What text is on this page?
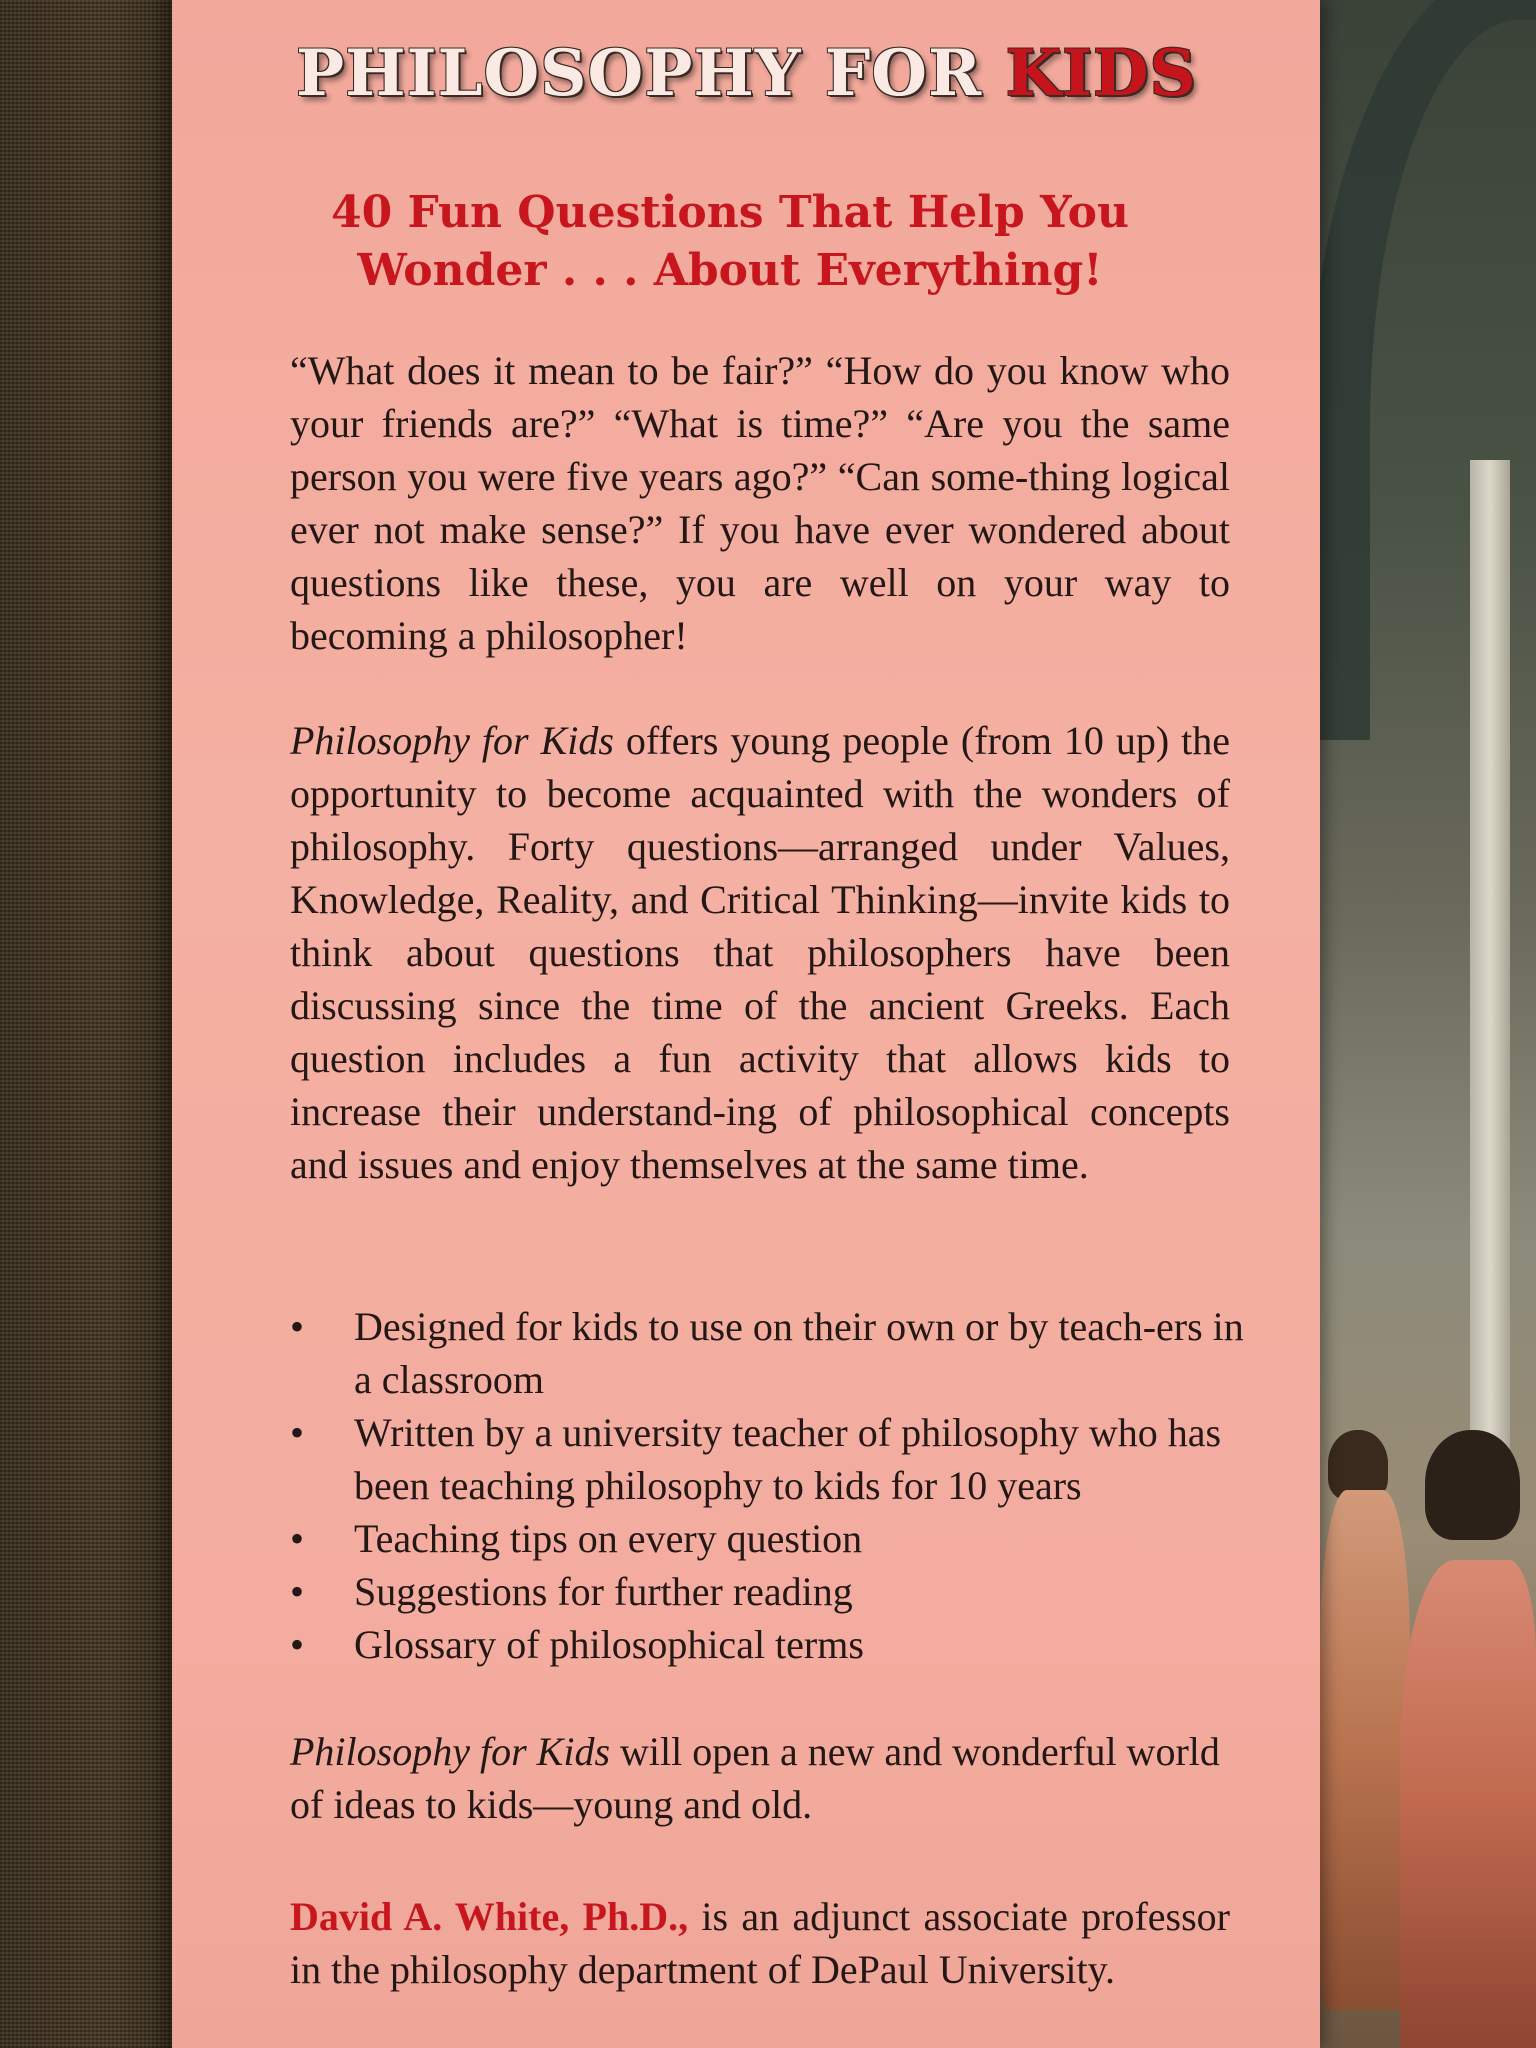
PHILOSOPHY FOR KIDS
40 Fun Questions That Help You
Wonder . . . About Everything!
“What does it mean to be fair?” “How do you know who your friends are?” “What is time?” “Are you the same person you were five years ago?” “Can some-thing logical ever not make sense?” If you have ever wondered about questions like these, you are well on your way to becoming a philosopher!
Philosophy for Kids offers young people (from 10 up) the opportunity to become acquainted with the wonders of philosophy. Forty questions—arranged under Values, Knowledge, Reality, and Critical Thinking—invite kids to think about questions that philosophers have been discussing since the time of the ancient Greeks. Each question includes a fun activity that allows kids to increase their understand-ing of philosophical concepts and issues and enjoy themselves at the same time.
• Designed for kids to use on their own or by teach-ers in a classroom
• Written by a university teacher of philosophy who has been teaching philosophy to kids for 10 years
• Teaching tips on every question
• Suggestions for further reading
• Glossary of philosophical terms
Philosophy for Kids will open a new and wonderful world of ideas to kids—young and old.
David A. White, Ph.D., is an adjunct associate professor in the philosophy department of DePaul University.
